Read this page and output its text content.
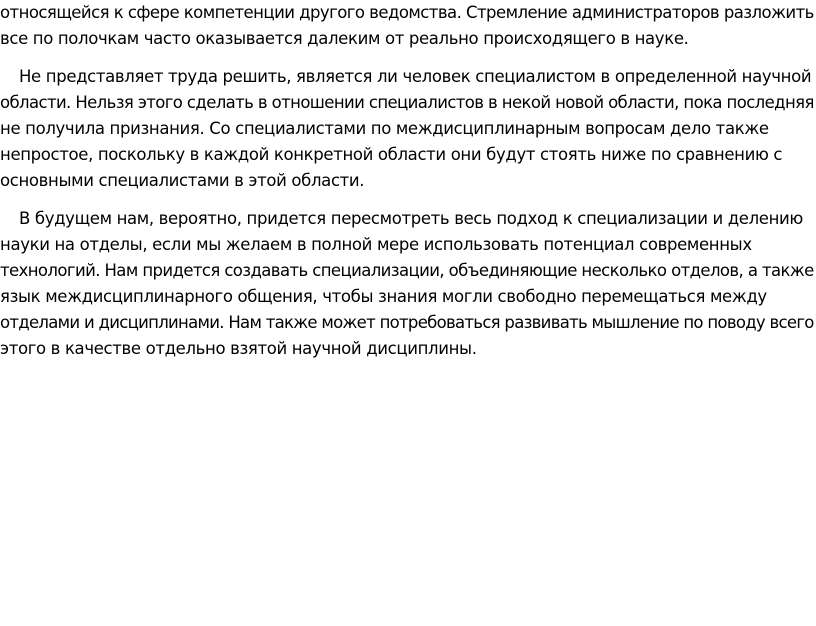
относящейся к сфере компетенции другого ведомства. Стремление администраторов разложить
все по полочкам часто оказывается далеким от реально происходящего в науке.
Не представляет труда решить, является ли человек специалистом в определенной научной
области. Нельзя этого сделать в отношении специалистов в некой новой области, пока последняя
не получила признания. Со специалистами по междисциплинарным вопросам дело также
непростое, поскольку в каждой конкретной области они будут стоять ниже по сравнению с
основными специалистами в этой области.
В будущем нам, вероятно, придется пересмотреть весь подход к специализации и делению
науки на отделы, если мы желаем в полной мере использовать потенциал современных
технологий. Нам придется создавать специализации, объединяющие несколько отделов, а также
язык междисциплинарного общения, чтобы знания могли свободно перемещаться между
отделами и дисциплинами. Нам также может потребоваться развивать мышление по поводу всего
этого в качестве отдельно взятой научной дисциплины.
